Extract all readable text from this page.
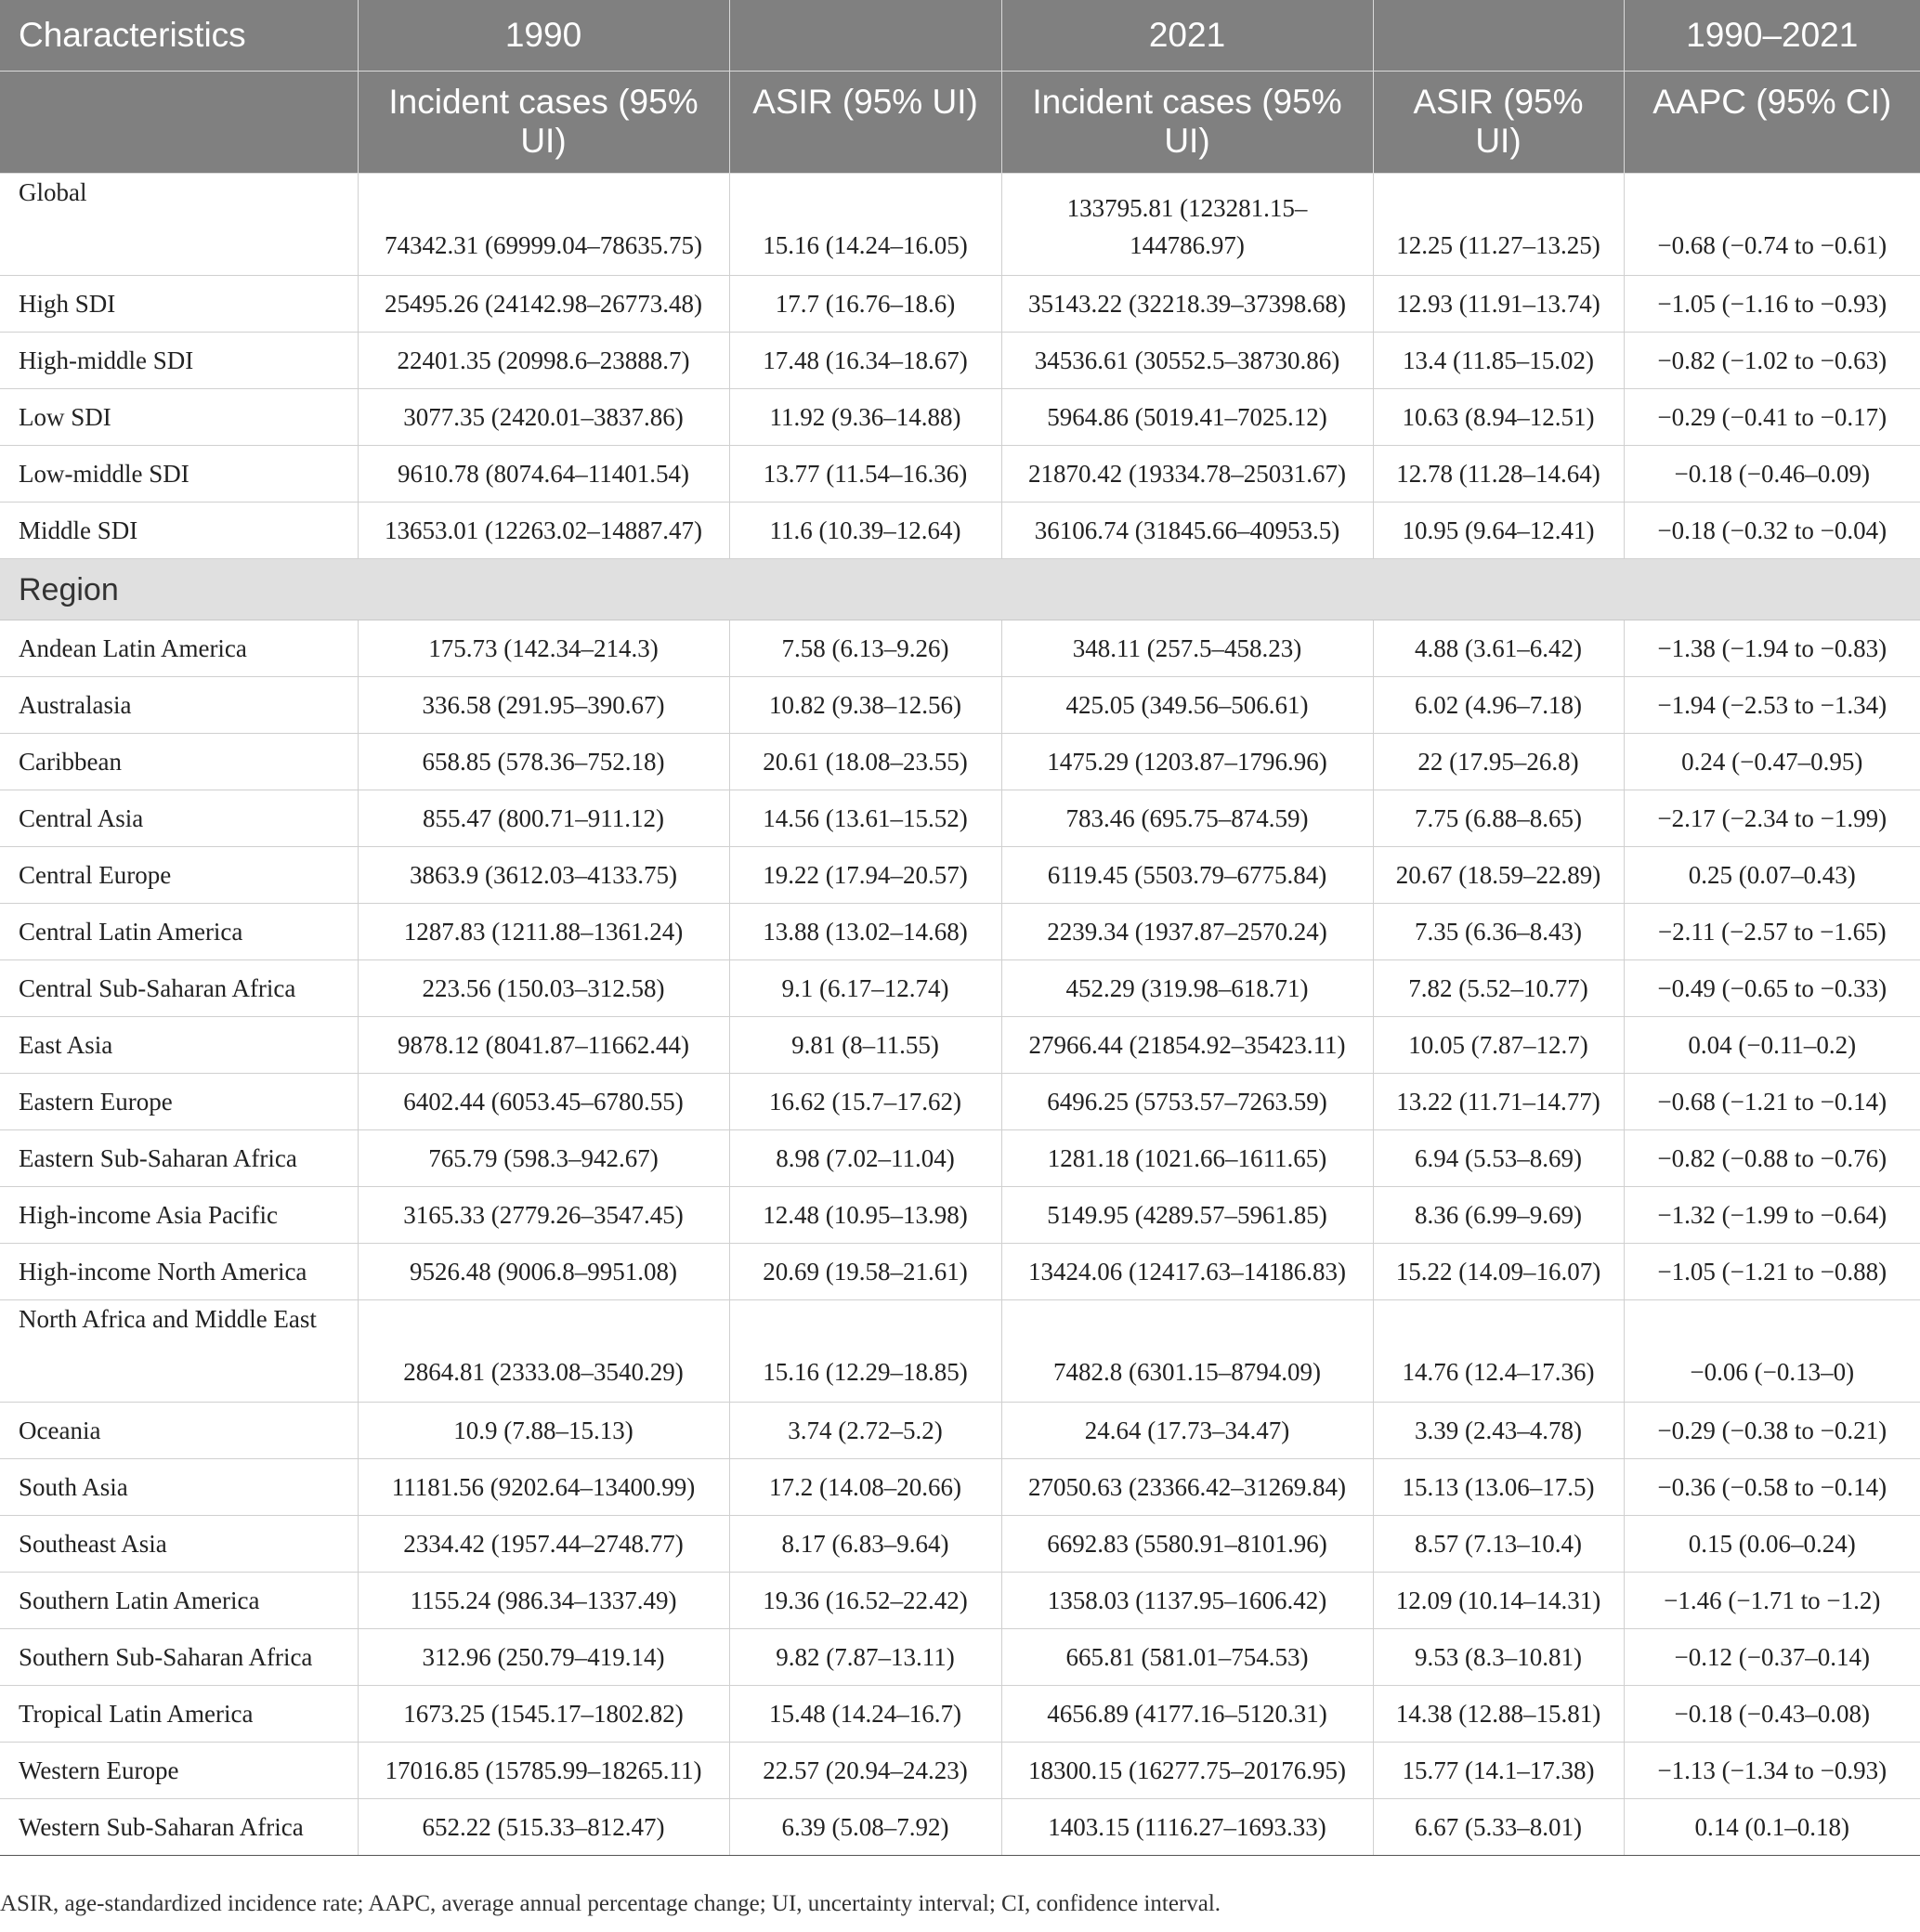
Characteristics	1990		2021		1990–2021
	Incident cases (95% UI)	ASIR (95% UI)	Incident cases (95% UI)	ASIR (95% UI)	AAPC (95% CI)
Global	74342.31 (69999.04–78635.75)	15.16 (14.24–16.05)	133795.81 (123281.15–144786.97)	12.25 (11.27–13.25)	−0.68 (−0.74 to −0.61)
High SDI	25495.26 (24142.98–26773.48)	17.7 (16.76–18.6)	35143.22 (32218.39–37398.68)	12.93 (11.91–13.74)	−1.05 (−1.16 to −0.93)
High-middle SDI	22401.35 (20998.6–23888.7)	17.48 (16.34–18.67)	34536.61 (30552.5–38730.86)	13.4 (11.85–15.02)	−0.82 (−1.02 to −0.63)
Low SDI	3077.35 (2420.01–3837.86)	11.92 (9.36–14.88)	5964.86 (5019.41–7025.12)	10.63 (8.94–12.51)	−0.29 (−0.41 to −0.17)
Low-middle SDI	9610.78 (8074.64–11401.54)	13.77 (11.54–16.36)	21870.42 (19334.78–25031.67)	12.78 (11.28–14.64)	−0.18 (−0.46–0.09)
Middle SDI	13653.01 (12263.02–14887.47)	11.6 (10.39–12.64)	36106.74 (31845.66–40953.5)	10.95 (9.64–12.41)	−0.18 (−0.32 to −0.04)
Region					
Andean Latin America	175.73 (142.34–214.3)	7.58 (6.13–9.26)	348.11 (257.5–458.23)	4.88 (3.61–6.42)	−1.38 (−1.94 to −0.83)
Australasia	336.58 (291.95–390.67)	10.82 (9.38–12.56)	425.05 (349.56–506.61)	6.02 (4.96–7.18)	−1.94 (−2.53 to −1.34)
Caribbean	658.85 (578.36–752.18)	20.61 (18.08–23.55)	1475.29 (1203.87–1796.96)	22 (17.95–26.8)	0.24 (−0.47–0.95)
Central Asia	855.47 (800.71–911.12)	14.56 (13.61–15.52)	783.46 (695.75–874.59)	7.75 (6.88–8.65)	−2.17 (−2.34 to −1.99)
Central Europe	3863.9 (3612.03–4133.75)	19.22 (17.94–20.57)	6119.45 (5503.79–6775.84)	20.67 (18.59–22.89)	0.25 (0.07–0.43)
Central Latin America	1287.83 (1211.88–1361.24)	13.88 (13.02–14.68)	2239.34 (1937.87–2570.24)	7.35 (6.36–8.43)	−2.11 (−2.57 to −1.65)
Central Sub-Saharan Africa	223.56 (150.03–312.58)	9.1 (6.17–12.74)	452.29 (319.98–618.71)	7.82 (5.52–10.77)	−0.49 (−0.65 to −0.33)
East Asia	9878.12 (8041.87–11662.44)	9.81 (8–11.55)	27966.44 (21854.92–35423.11)	10.05 (7.87–12.7)	0.04 (−0.11–0.2)
Eastern Europe	6402.44 (6053.45–6780.55)	16.62 (15.7–17.62)	6496.25 (5753.57–7263.59)	13.22 (11.71–14.77)	−0.68 (−1.21 to −0.14)
Eastern Sub-Saharan Africa	765.79 (598.3–942.67)	8.98 (7.02–11.04)	1281.18 (1021.66–1611.65)	6.94 (5.53–8.69)	−0.82 (−0.88 to −0.76)
High-income Asia Pacific	3165.33 (2779.26–3547.45)	12.48 (10.95–13.98)	5149.95 (4289.57–5961.85)	8.36 (6.99–9.69)	−1.32 (−1.99 to −0.64)
High-income North America	9526.48 (9006.8–9951.08)	20.69 (19.58–21.61)	13424.06 (12417.63–14186.83)	15.22 (14.09–16.07)	−1.05 (−1.21 to −0.88)
North Africa and Middle East	2864.81 (2333.08–3540.29)	15.16 (12.29–18.85)	7482.8 (6301.15–8794.09)	14.76 (12.4–17.36)	−0.06 (−0.13–0)
Oceania	10.9 (7.88–15.13)	3.74 (2.72–5.2)	24.64 (17.73–34.47)	3.39 (2.43–4.78)	−0.29 (−0.38 to −0.21)
South Asia	11181.56 (9202.64–13400.99)	17.2 (14.08–20.66)	27050.63 (23366.42–31269.84)	15.13 (13.06–17.5)	−0.36 (−0.58 to −0.14)
Southeast Asia	2334.42 (1957.44–2748.77)	8.17 (6.83–9.64)	6692.83 (5580.91–8101.96)	8.57 (7.13–10.4)	0.15 (0.06–0.24)
Southern Latin America	1155.24 (986.34–1337.49)	19.36 (16.52–22.42)	1358.03 (1137.95–1606.42)	12.09 (10.14–14.31)	−1.46 (−1.71 to −1.2)
Southern Sub-Saharan Africa	312.96 (250.79–419.14)	9.82 (7.87–13.11)	665.81 (581.01–754.53)	9.53 (8.3–10.81)	−0.12 (−0.37–0.14)
Tropical Latin America	1673.25 (1545.17–1802.82)	15.48 (14.24–16.7)	4656.89 (4177.16–5120.31)	14.38 (12.88–15.81)	−0.18 (−0.43–0.08)
Western Europe	17016.85 (15785.99–18265.11)	22.57 (20.94–24.23)	18300.15 (16277.75–20176.95)	15.77 (14.1–17.38)	−1.13 (−1.34 to −0.93)
Western Sub-Saharan Africa	652.22 (515.33–812.47)	6.39 (5.08–7.92)	1403.15 (1116.27–1693.33)	6.67 (5.33–8.01)	0.14 (0.1–0.18)
ASIR, age-standardized incidence rate; AAPC, average annual percentage change; UI, uncertainty interval; CI, confidence interval.
